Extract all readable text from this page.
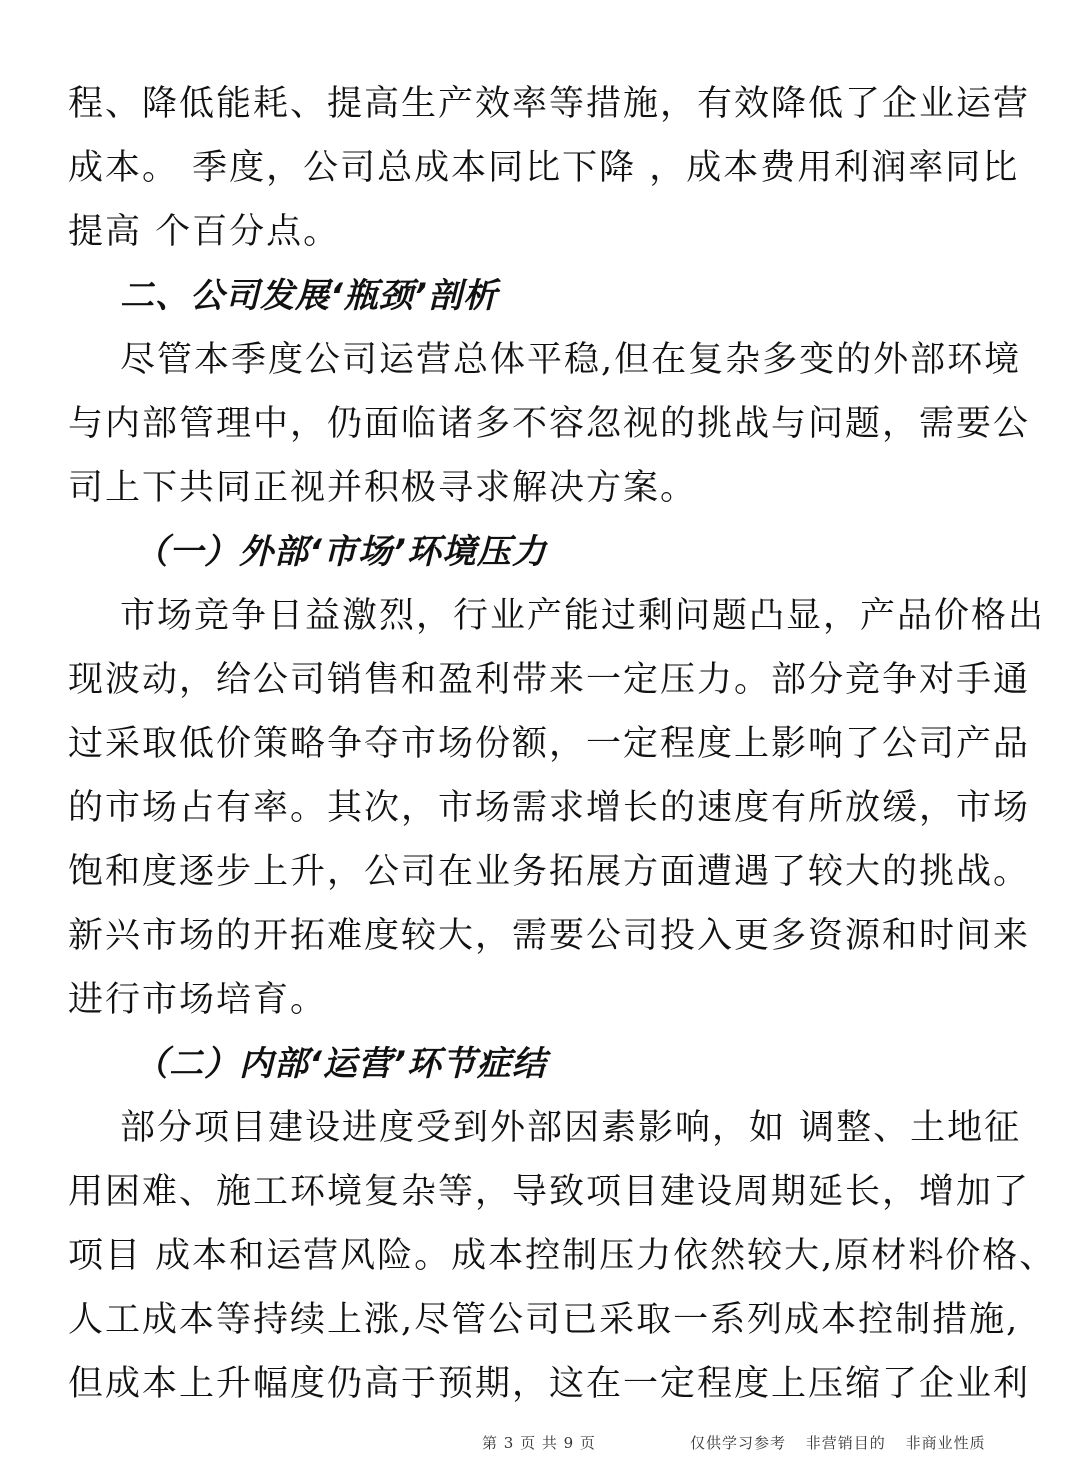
程、降低能耗、提高生产效率等措施，有效降低了企业运营
成本。 季度，公司总成本同比下降 ，成本费用利润率同比
提高 个百分点。
二、公司发展‘瓶颈’剖析
尽管本季度公司运营总体平稳,但在复杂多变的外部环境
与内部管理中，仍面临诸多不容忽视的挑战与问题，需要公
司上下共同正视并积极寻求解决方案。
（一）外部‘市场’环境压力
市场竞争日益激烈，行业产能过剩问题凸显，产品价格出
现波动，给公司销售和盈利带来一定压力。部分竞争对手通
过采取低价策略争夺市场份额，一定程度上影响了公司产品
的市场占有率。其次，市场需求增长的速度有所放缓，市场
饱和度逐步上升，公司在业务拓展方面遭遇了较大的挑战。
新兴市场的开拓难度较大，需要公司投入更多资源和时间来
进行市场培育。
（二）内部‘运营’环节症结
部分项目建设进度受到外部因素影响，如 调整、土地征
用困难、施工环境复杂等，导致项目建设周期延长，增加了
项目 成本和运营风险。成本控制压力依然较大,原材料价格、
人工成本等持续上涨,尽管公司已采取一系列成本控制措施,
但成本上升幅度仍高于预期，这在一定程度上压缩了企业利
第 3 页 共 9 页	仅供学习参考 非营销目的 非商业性质
